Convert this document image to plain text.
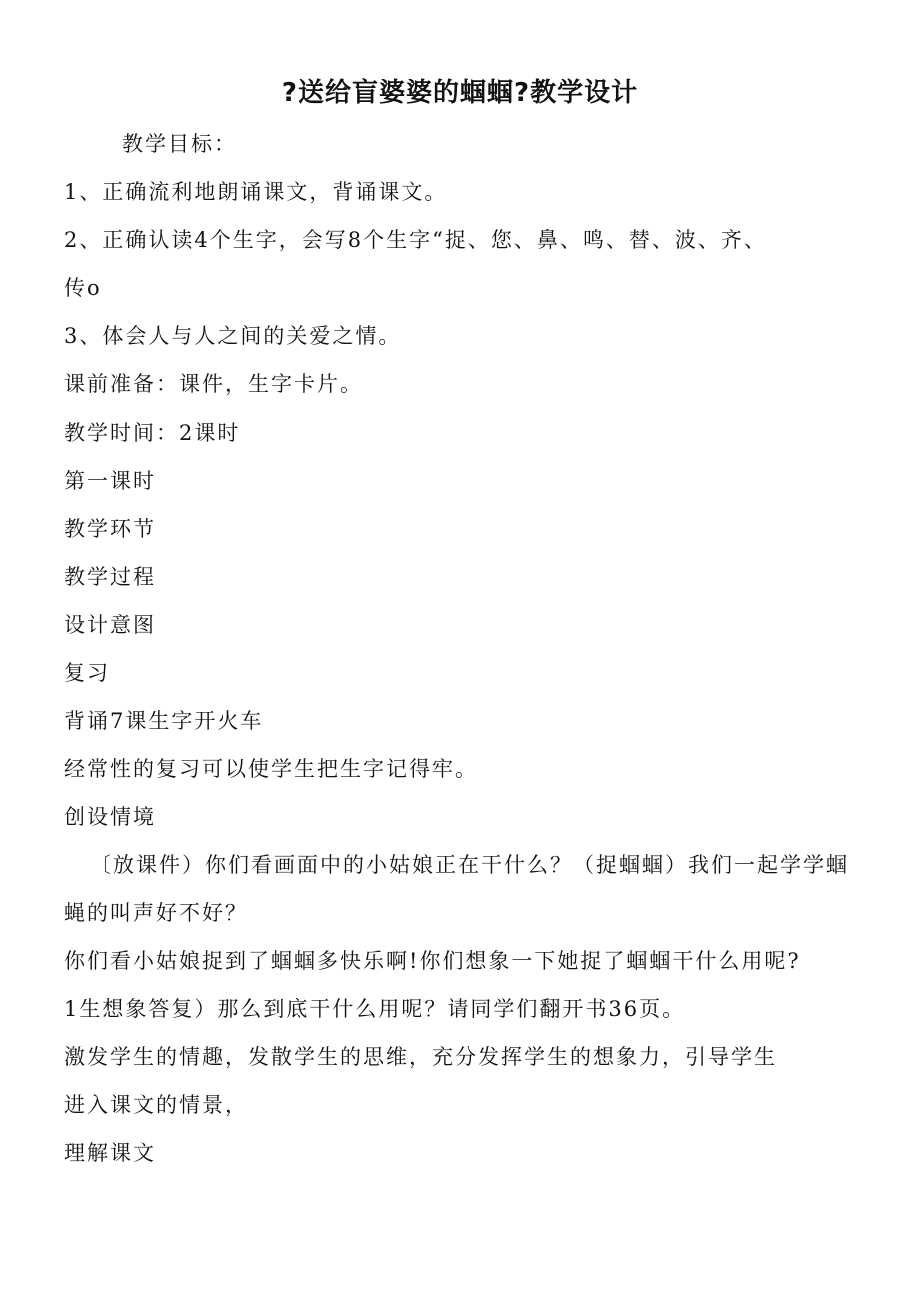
?送给盲婆婆的蝈蝈?教学设计
教学目标：
1、正确流利地朗诵课文，背诵课文。
2、正确认读4个生字，会写8个生字“捉、您、鼻、鸣、替、波、齐、
传o
3、体会人与人之间的关爱之情。
课前准备：课件，生字卡片。
教学时间：2课时
第一课时
教学环节
教学过程
设计意图
复习
背诵7课生字开火车
经常性的复习可以使学生把生字记得牢。
创设情境
〔放课件）你们看画面中的小姑娘正在干什么？（捉蝈蝈）我们一起学学蝈
蝇的叫声好不好？
你们看小姑娘捉到了蝈蝈多快乐啊!你们想象一下她捉了蝈蝈干什么用呢?
1生想象答复）那么到底干什么用呢？请同学们翻开书36页。
激发学生的情趣，发散学生的思维，充分发挥学生的想象力，引导学生
进入课文的情景，
理解课文
